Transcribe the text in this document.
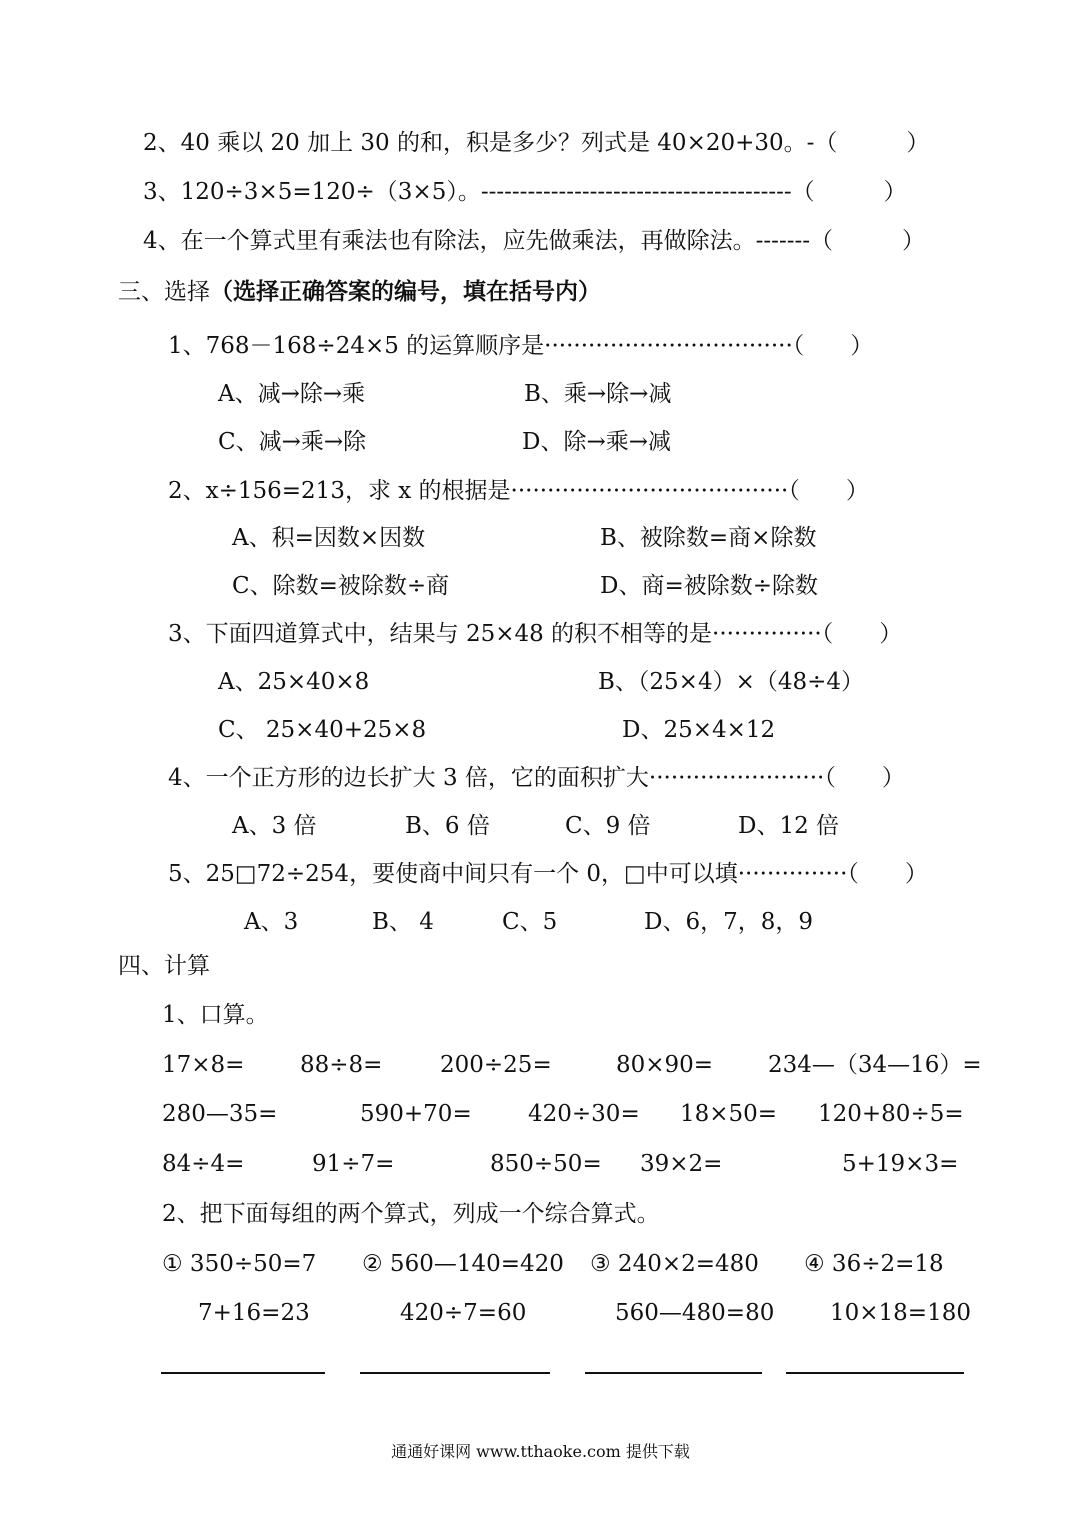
2、40 乘以 20 加上 30 的和，积是多少？列式是 40×20+30。-（　　　）
3、120÷3×5=120÷（3×5）。----------------------------------------（　　　）
4、在一个算式里有乘法也有除法，应先做乘法，再做除法。-------（　　　）
三、选择（选择正确答案的编号，填在括号内）
1、768－168÷24×5 的运算顺序是··································（　　）
A、减→除→乘	B、乘→除→减
C、减→乘→除	D、除→乘→减
2、x÷156=213，求 x 的根据是······································（　　）
A、积=因数×因数	B、被除数=商×除数
C、除数=被除数÷商	D、商=被除数÷除数
3、下面四道算式中，结果与 25×48 的积不相等的是···············（　　）
A、25×40×8	B、（25×4）×（48÷4）
C、 25×40+25×8	D、25×4×12
4、一个正方形的边长扩大 3 倍，它的面积扩大························（　　）
A、3 倍	B、6 倍	C、9 倍	D、12 倍
5、25□72÷254，要使商中间只有一个 0，□中可以填···············（　　）
A、3	B、 4	C、5	D、6，7，8，9
四、计算
1、口算。
17×8= 88÷8=	200÷25=	80×90= 234—（34—16）=
280—35=	590+70= 420÷30= 18×50= 120+80÷5=
84÷4=	91÷7=	850÷50= 39×2=	5+19×3=
2、把下面每组的两个算式，列成一个综合算式。
① 350÷50=7 ② 560—140=420 ③ 240×2=480 ④ 36÷2=18
7+16=23	420÷7=60	560—480=80 10×18=180
通通好课网 www.tthaoke.com 提供下载
